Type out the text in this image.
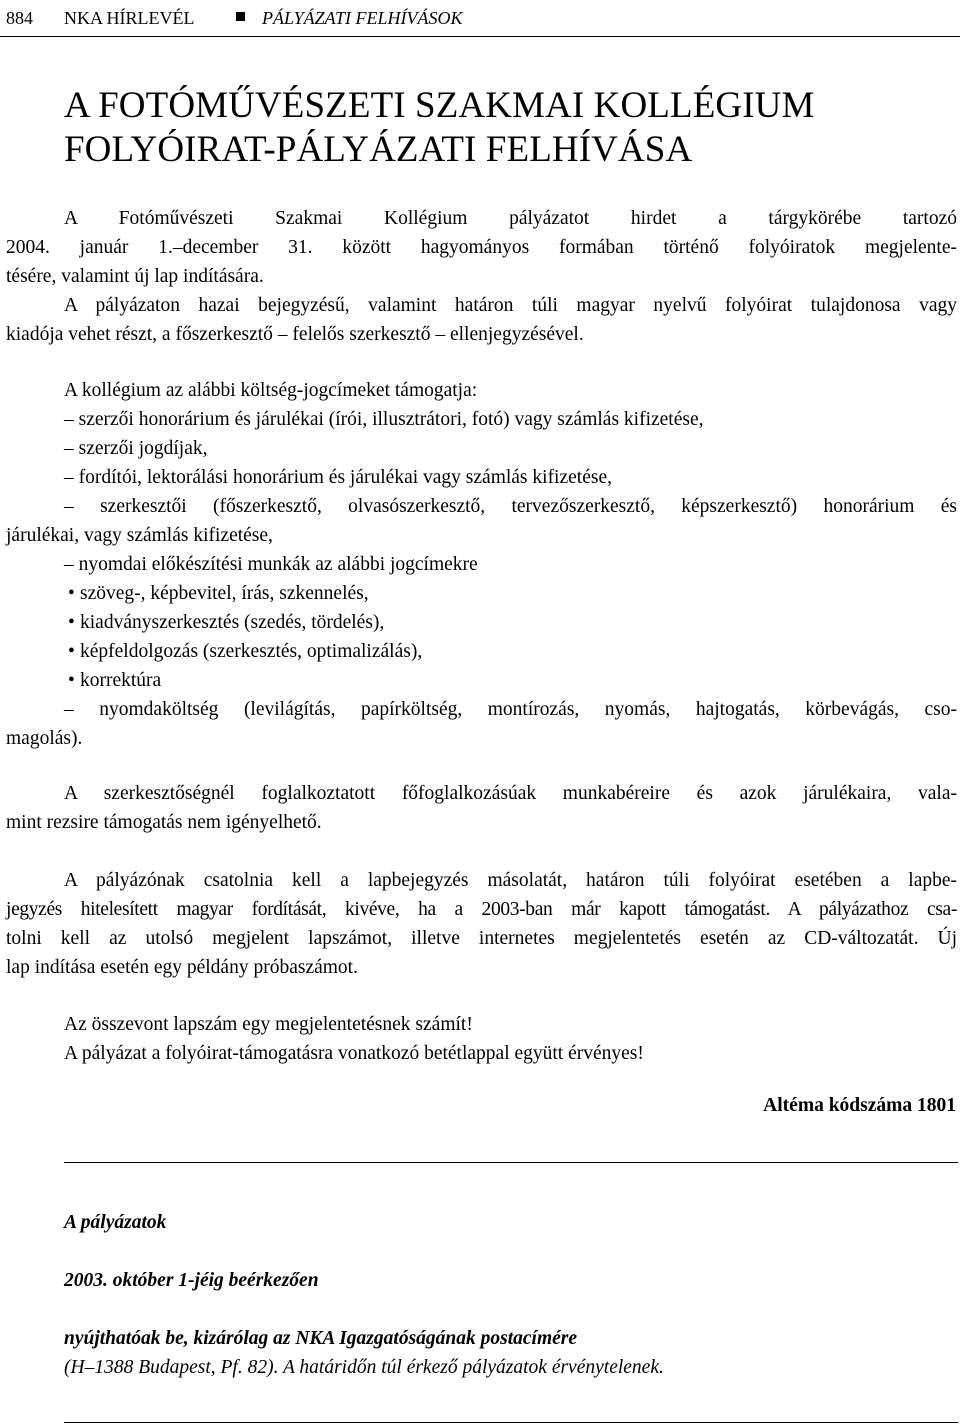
884 NKA HÍRLEVÉL	PÁLYÁZATI FELHÍVÁSOK
A FOTÓMŰVÉSZETI SZAKMAI KOLLÉGIUM
FOLYÓIRAT-PÁLYÁZATI FELHÍVÁSA
A Fotóművészeti Szakmai Kollégium pályázatot hirdet a tárgykörébe tartozó
2004. január 1.–december 31. között hagyományos formában történő folyóiratok megjelente-
tésére, valamint új lap indítására.
A pályázaton hazai bejegyzésű, valamint határon túli magyar nyelvű folyóirat tulajdonosa vagy
kiadója vehet részt, a főszerkesztő – felelős szerkesztő – ellenjegyzésével.
A kollégium az alábbi költség-jogcímeket támogatja:
– szerzői honorárium és járulékai (írói, illusztrátori, fotó) vagy számlás kifizetése,
– szerzői jogdíjak,
– fordítói, lektorálási honorárium és járulékai vagy számlás kifizetése,
– szerkesztői (főszerkesztő, olvasószerkesztő, tervezőszerkesztő, képszerkesztő) honorárium és
járulékai, vagy számlás kifizetése,
– nyomdai előkészítési munkák az alábbi jogcímekre
• szöveg-, képbevitel, írás, szkennelés,
• kiadványszerkesztés (szedés, tördelés),
• képfeldolgozás (szerkesztés, optimalizálás),
• korrektúra
– nyomdaköltség (levilágítás, papírköltség, montírozás, nyomás, hajtogatás, körbevágás, cso-
magolás).
A szerkesztőségnél foglalkoztatott főfoglalkozásúak munkabéreire és azok járulékaira, vala-
mint rezsire támogatás nem igényelhető.
A pályázónak csatolnia kell a lapbejegyzés másolatát, határon túli folyóirat esetében a lapbe-
jegyzés hitelesített magyar fordítását, kivéve, ha a 2003-ban már kapott támogatást. A pályázathoz csa-
tolni kell az utolsó megjelent lapszámot, illetve internetes megjelentetés esetén az CD-változatát. Új
lap indítása esetén egy példány próbaszámot.
Az összevont lapszám egy megjelentetésnek számít!
A pályázat a folyóirat-támogatásra vonatkozó betétlappal együtt érvényes!
Altéma kódszáma 1801
A pályázatok
2003. október 1-jéig beérkezően
nyújthatóak be, kizárólag az NKA Igazgatóságának postacímére
(H–1388 Budapest, Pf. 82). A határidőn túl érkező pályázatok érvénytelenek.
